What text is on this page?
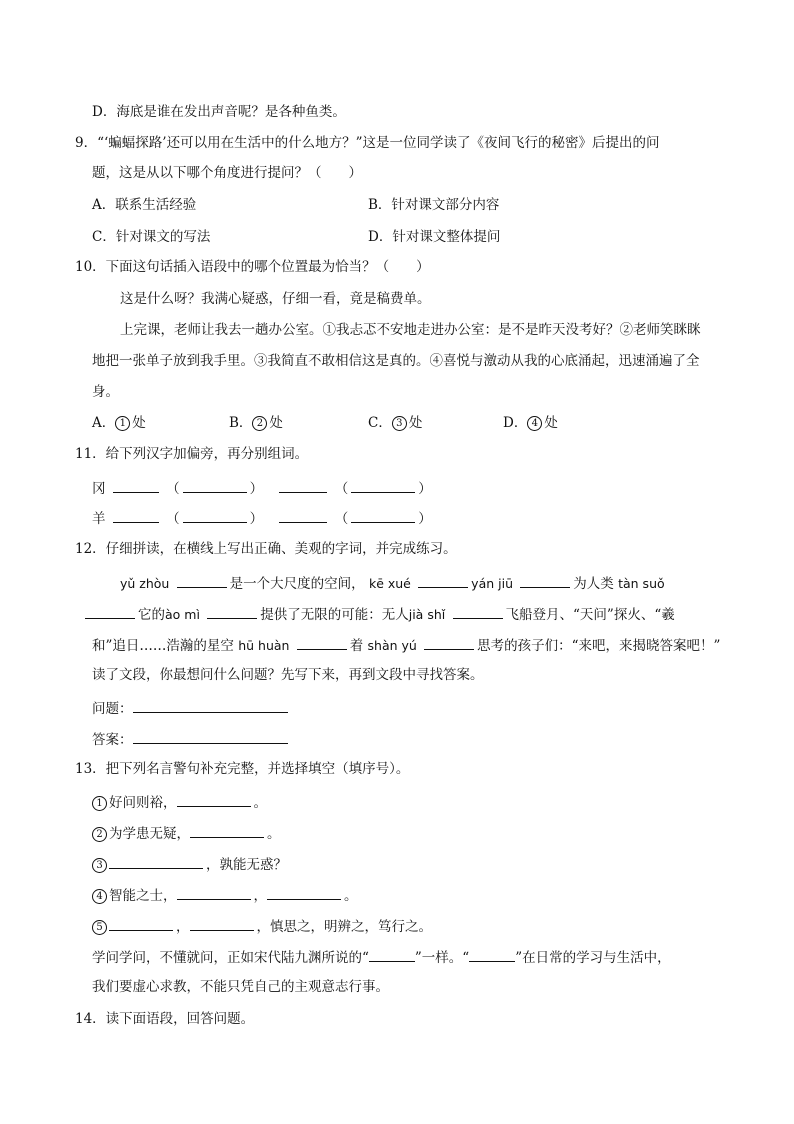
D．海底是谁在发出声音呢？是各种鱼类。
9．“‘蝙蝠探路’还可以用在生活中的什么地方？”这是一位同学读了《夜间飞行的秘密》后提出的问
题，这是从以下哪个角度进行提问？（　　）
A．联系生活经验	B．针对课文部分内容
C．针对课文的写法	D．针对课文整体提问
10．下面这句话插入语段中的哪个位置最为恰当？（　　）
这是什么呀？我满心疑惑，仔细一看，竟是稿费单。
上完课，老师让我去一趟办公室。①我忐忑不安地走进办公室：是不是昨天没考好？②老师笑眯眯
地把一张单子放到我手里。③我简直不敢相信这是真的。④喜悦与激动从我的心底涌起，迅速涌遍了全
身。
A． 1 处	B． 2 处	C． 3 处	D． 4 处
11．给下列汉字加偏旁，再分别组词。
冈	（	）	（	）
羊	（	）	（	）
12．仔细拼读，在横线上写出正确、美观的字词，并完成练习。
yǔ zhòu	是一个大尺度的空间， kē xué	yán jiū	为人类 tàn suǒ
它的ào mì	提供了无限的可能：无人jià shǐ	飞船登月、“天问”探火、“羲
和”追日……浩瀚的星空 hū huàn	着 shàn yú	思考的孩子们：“来吧，来揭晓答案吧！”
读了文段，你最想问什么问题？先写下来，再到文段中寻找答案。
问题：
答案：
13．把下列名言警句补充完整，并选择填空（填序号）。
1 好问则裕，	。
2 为学患无疑，	。
3	，孰能无惑？
4 智能之士，	，	。
5	，	，慎思之，明辨之，笃行之。
学问学问，不懂就问，正如宋代陆九渊所说的“	”一样。“	”在日常的学习与生活中，
我们要虚心求教，不能只凭自己的主观意志行事。
14．读下面语段，回答问题。
